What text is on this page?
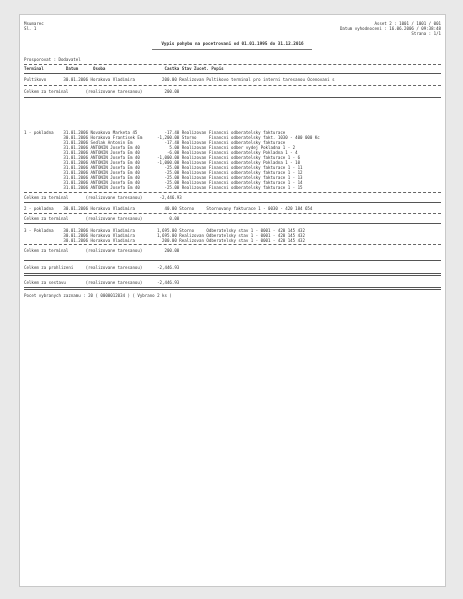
Msumarec
Sl. 1
Asset 2 : 1001 / 1001 / 001
Datum vyhodnoceni : 16.06.2006 / 09:38:48
Strana : 1/1
Vypis pohybu na pocetrovani od 01.01.1995 do 31.12.2016
Prosporovat : Dodavatel
Terminal         Datum      Osoba                        Castka Stav Zucet. Popis
Pultikovo       30.01.2006 Horakova Vladimira           200.00 Realizovan Pultikovo terminal pro interni taresanou Ocenovani s
Celkem za terminal       (realizovane taresanou)         200.00
1 - pokladna    31.01.2006 Novakova Marketa 45           -17.40 Realizovan Financni odberatelsky fakturace
30.01.2006 Horakova Frantisek Em      -1,200.00 Storno     Financni odberatelsky fakt. 1030 - 400 000 Kc
31.01.2006 Sedlak Antonin Em             -17.40 Realizovan Financni odberatelsky fakturace
31.01.2006 ANTONIN Josefa Em 40            5.00 Realizovan Financni odber vydej Pokladna 1 - 2
31.01.2006 ANTONIN Josefa Em 40           -6.00 Realizovan Financni odberatelsky Pokladna 1 - 4
31.01.2006 ANTONIN Josefa Em 40       -1,000.00 Realizovan Financni odberatelsky fakturace 1 - 6
31.01.2006 ANTONIN Josefa Em 40       -1,000.00 Realizovan Financni odberatelsky Pokladna 1 - 10
31.01.2006 ANTONIN Josefa Em 40          -25.00 Realizovan Financni odberatelsky fakturace 1 - 11
31.01.2006 ANTONIN Josefa Em 40          -25.00 Realizovan Financni odberatelsky fakturace 1 - 12
31.01.2006 ANTONIN Josefa Em 40          -25.00 Realizovan Financni odberatelsky fakturace 1 - 13
31.01.2006 ANTONIN Josefa Em 40          -25.00 Realizovan Financni odberatelsky fakturace 1 - 14
31.01.2006 ANTONIN Josefa Em 40          -25.00 Realizovan Financni odberatelsky fakturace 1 - 15
Celkem za terminal       (realizovane taresanou)       -2,446.93
2 - pokladna    30.01.2006 Horakova Vladimira            40.00 Storno     Stornovany fakturace 1 - 0030 - 420 184 654
Celkem za terminal       (realizovane taresanou)           0.00
3 - Pokladna    30.01.2006 Horakova Vladimira         1,695.00 Storno     Odberatelsky stav 1 - 0001 - 420 145 432
30.01.2006 Horakova Vladimira         1,695.00 Realizovan Odberatelsky stav 1 - 0001 - 420 145 432
30.01.2006 Horakova Vladimira           200.00 Realizovan Odberatelsky stav 1 - 0001 - 420 145 432
Celkem za terminal       (realizovane taresanou)         200.00
Celkem za prohlizeni     (realizovane taresanou)      -2,446.93
Celkem za sestavu        (realizovane taresanou)      -2,446.93
Pocet vybranych zaznamu : 20 ( 0000012034 ) ( Vybrano 2 ks )
